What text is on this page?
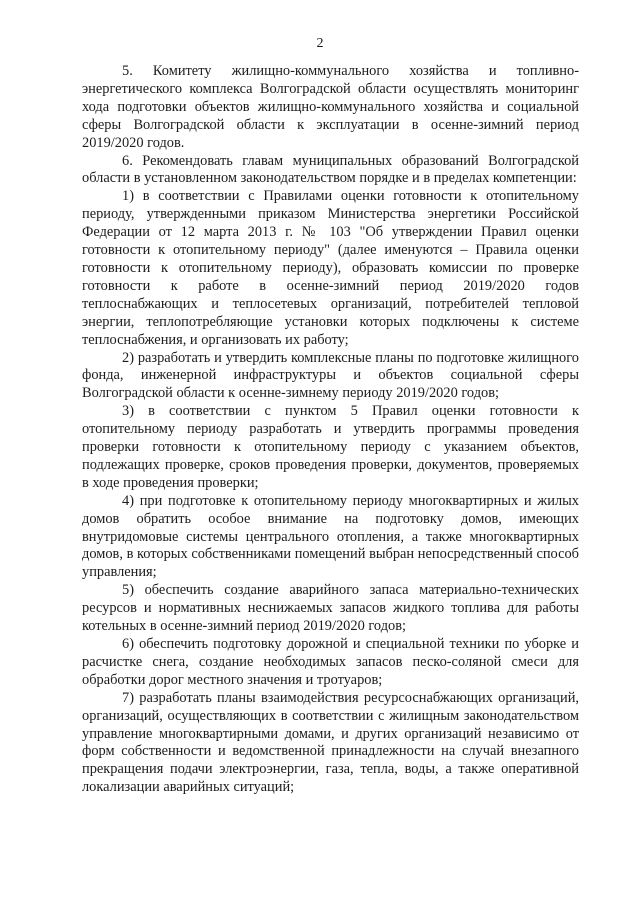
2

5. Комитету жилищно-коммунального хозяйства и топливно-энергетического комплекса Волгоградской области осуществлять мониторинг хода подготовки объектов жилищно-коммунального хозяйства и социальной сферы Волгоградской области к эксплуатации в осенне-зимний период 2019/2020 годов.

6. Рекомендовать главам муниципальных образований Волгоградской области в установленном законодательством порядке и в пределах компетенции:

1) в соответствии с Правилами оценки готовности к отопительному периоду, утвержденными приказом Министерства энергетики Российской Федерации от 12 марта 2013 г. № 103 "Об утверждении Правил оценки готовности к отопительному периоду" (далее именуются – Правила оценки готовности к отопительному периоду), образовать комиссии по проверке готовности к работе в осенне-зимний период 2019/2020 годов теплоснабжающих и теплосетевых организаций, потребителей тепловой энергии, теплопотребляющие установки которых подключены к системе теплоснабжения, и организовать их работу;

2) разработать и утвердить комплексные планы по подготовке жилищного фонда, инженерной инфраструктуры и объектов социальной сферы Волгоградской области к осенне-зимнему периоду 2019/2020 годов;

3) в соответствии с пунктом 5 Правил оценки готовности к отопительному периоду разработать и утвердить программы проведения проверки готовности к отопительному периоду с указанием объектов, подлежащих проверке, сроков проведения проверки, документов, проверяемых в ходе проведения проверки;

4) при подготовке к отопительному периоду многоквартирных и жилых домов обратить особое внимание на подготовку домов, имеющих внутридомовые системы центрального отопления, а также многоквартирных домов, в которых собственниками помещений выбран непосредственный способ управления;

5) обеспечить создание аварийного запаса материально-технических ресурсов и нормативных неснижаемых запасов жидкого топлива для работы котельных в осенне-зимний период 2019/2020 годов;

6) обеспечить подготовку дорожной и специальной техники по уборке и расчистке снега, создание необходимых запасов песко-соляной смеси для обработки дорог местного значения и тротуаров;

7) разработать планы взаимодействия ресурсоснабжающих организаций, организаций, осуществляющих в соответствии с жилищным законодательством управление многоквартирными домами, и других организаций независимо от форм собственности и ведомственной принадлежности на случай внезапного прекращения подачи электроэнергии, газа, тепла, воды, а также оперативной локализации аварийных ситуаций;
